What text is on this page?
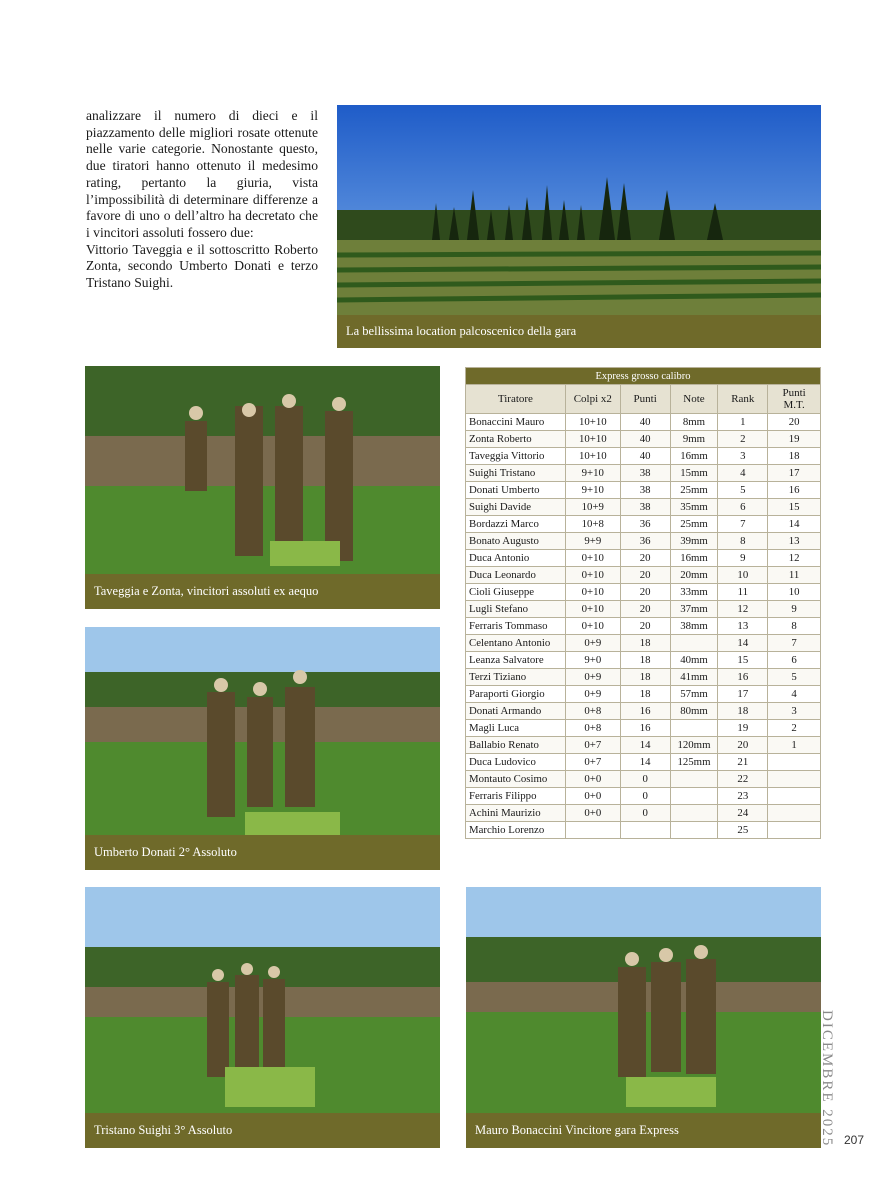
analizzare il numero di dieci e il piazzamento delle migliori rosate ottenute nelle varie categorie. Nonostante questo, due tiratori hanno ottenuto il medesimo rating, pertanto la giuria, vista l’impossibilità di determinare differenze a favore di uno o dell’altro ha decretato che i vincitori assoluti fossero due:

Vittorio Taveggia e il sottoscritto Roberto Zonta, secondo Umberto Donati e terzo Tristano Suighi.

La bellissima location palcoscenico della gara
Taveggia e Zonta, vincitori assoluti ex aequo
Umberto Donati 2° Assoluto
Tristano Suighi 3° Assoluto	Mauro Bonaccini Vincitore gara Express
Express grosso calibro					
Tiratore	Colpi x2	Punti	Note	Rank	Punti M.T.
Bonaccini Mauro	10+10	40	8mm	1	20
Zonta Roberto	10+10	40	9mm	2	19
Taveggia Vittorio	10+10	40	16mm	3	18
Suighi Tristano	9+10	38	15mm	4	17
Donati Umberto	9+10	38	25mm	5	16
Suighi Davide	10+9	38	35mm	6	15
Bordazzi Marco	10+8	36	25mm	7	14
Bonato Augusto	9+9	36	39mm	8	13
Duca Antonio	0+10	20	16mm	9	12
Duca Leonardo	0+10	20	20mm	10	11
Cioli Giuseppe	0+10	20	33mm	11	10
Lugli Stefano	0+10	20	37mm	12	9
Ferraris Tommaso	0+10	20	38mm	13	8
Celentano Antonio	0+9	18		14	7
Leanza Salvatore	9+0	18	40mm	15	6
Terzi Tiziano	0+9	18	41mm	16	5
Paraporti Giorgio	0+9	18	57mm	17	4
Donati Armando	0+8	16	80mm	18	3
Magli Luca	0+8	16		19	2
Ballabio Renato	0+7	14	120mm	20	1
Duca Ludovico	0+7	14	125mm	21	
Montauto Cosimo	0+0	0		22	
Ferraris Filippo	0+0	0		23	
Achini Maurizio	0+0	0		24	
Marchio Lorenzo				25	
DICEMBRE 2025 207
